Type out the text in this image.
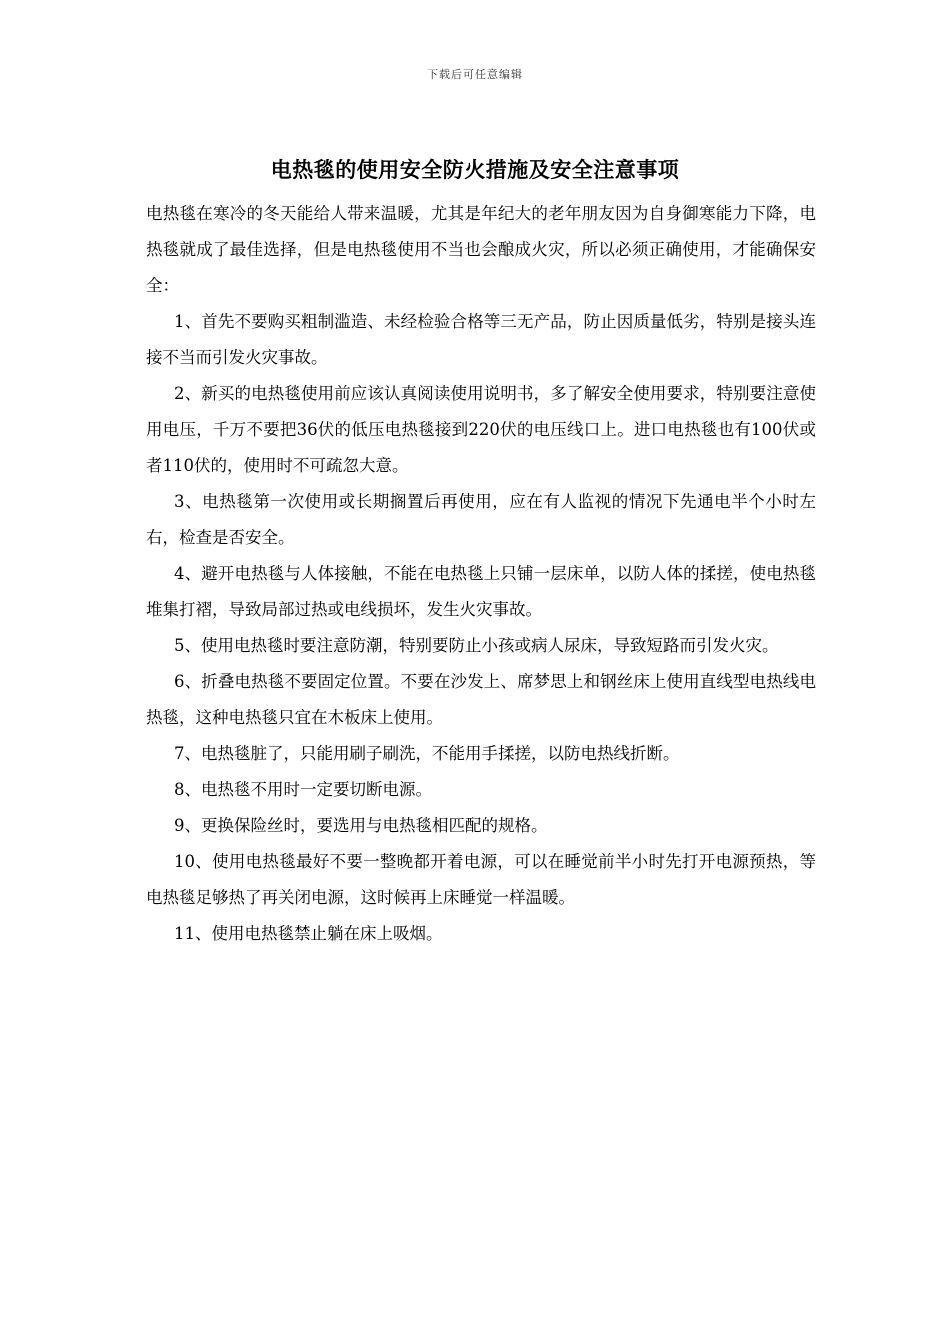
下载后可任意编辑
电热毯的使用安全防火措施及安全注意事项

电热毯在寒冷的冬天能给人带来温暖，尤其是年纪大的老年朋友因为自身御寒能力下降，电热毯就成了最佳选择，但是电热毯使用不当也会酿成火灾，所以必须正确使用，才能确保安全：

1、首先不要购买粗制滥造、未经检验合格等三无产品，防止因质量低劣，特别是接头连接不当而引发火灾事故。

2、新买的电热毯使用前应该认真阅读使用说明书，多了解安全使用要求，特别要注意使用电压，千万不要把36伏的低压电热毯接到220伏的电压线口上。进口电热毯也有100伏或者110伏的，使用时不可疏忽大意。

3、电热毯第一次使用或长期搁置后再使用，应在有人监视的情况下先通电半个小时左右，检查是否安全。

4、避开电热毯与人体接触，不能在电热毯上只铺一层床单，以防人体的揉搓，使电热毯堆集打褶，导致局部过热或电线损坏，发生火灾事故。

5、使用电热毯时要注意防潮，特别要防止小孩或病人尿床，导致短路而引发火灾。

6、折叠电热毯不要固定位置。不要在沙发上、席梦思上和钢丝床上使用直线型电热线电热毯，这种电热毯只宜在木板床上使用。

7、电热毯脏了，只能用刷子刷洗，不能用手揉搓，以防电热线折断。

8、电热毯不用时一定要切断电源。

9、更换保险丝时，要选用与电热毯相匹配的规格。

10、使用电热毯最好不要一整晚都开着电源，可以在睡觉前半小时先打开电源预热，等电热毯足够热了再关闭电源，这时候再上床睡觉一样温暖。

11、使用电热毯禁止躺在床上吸烟。
